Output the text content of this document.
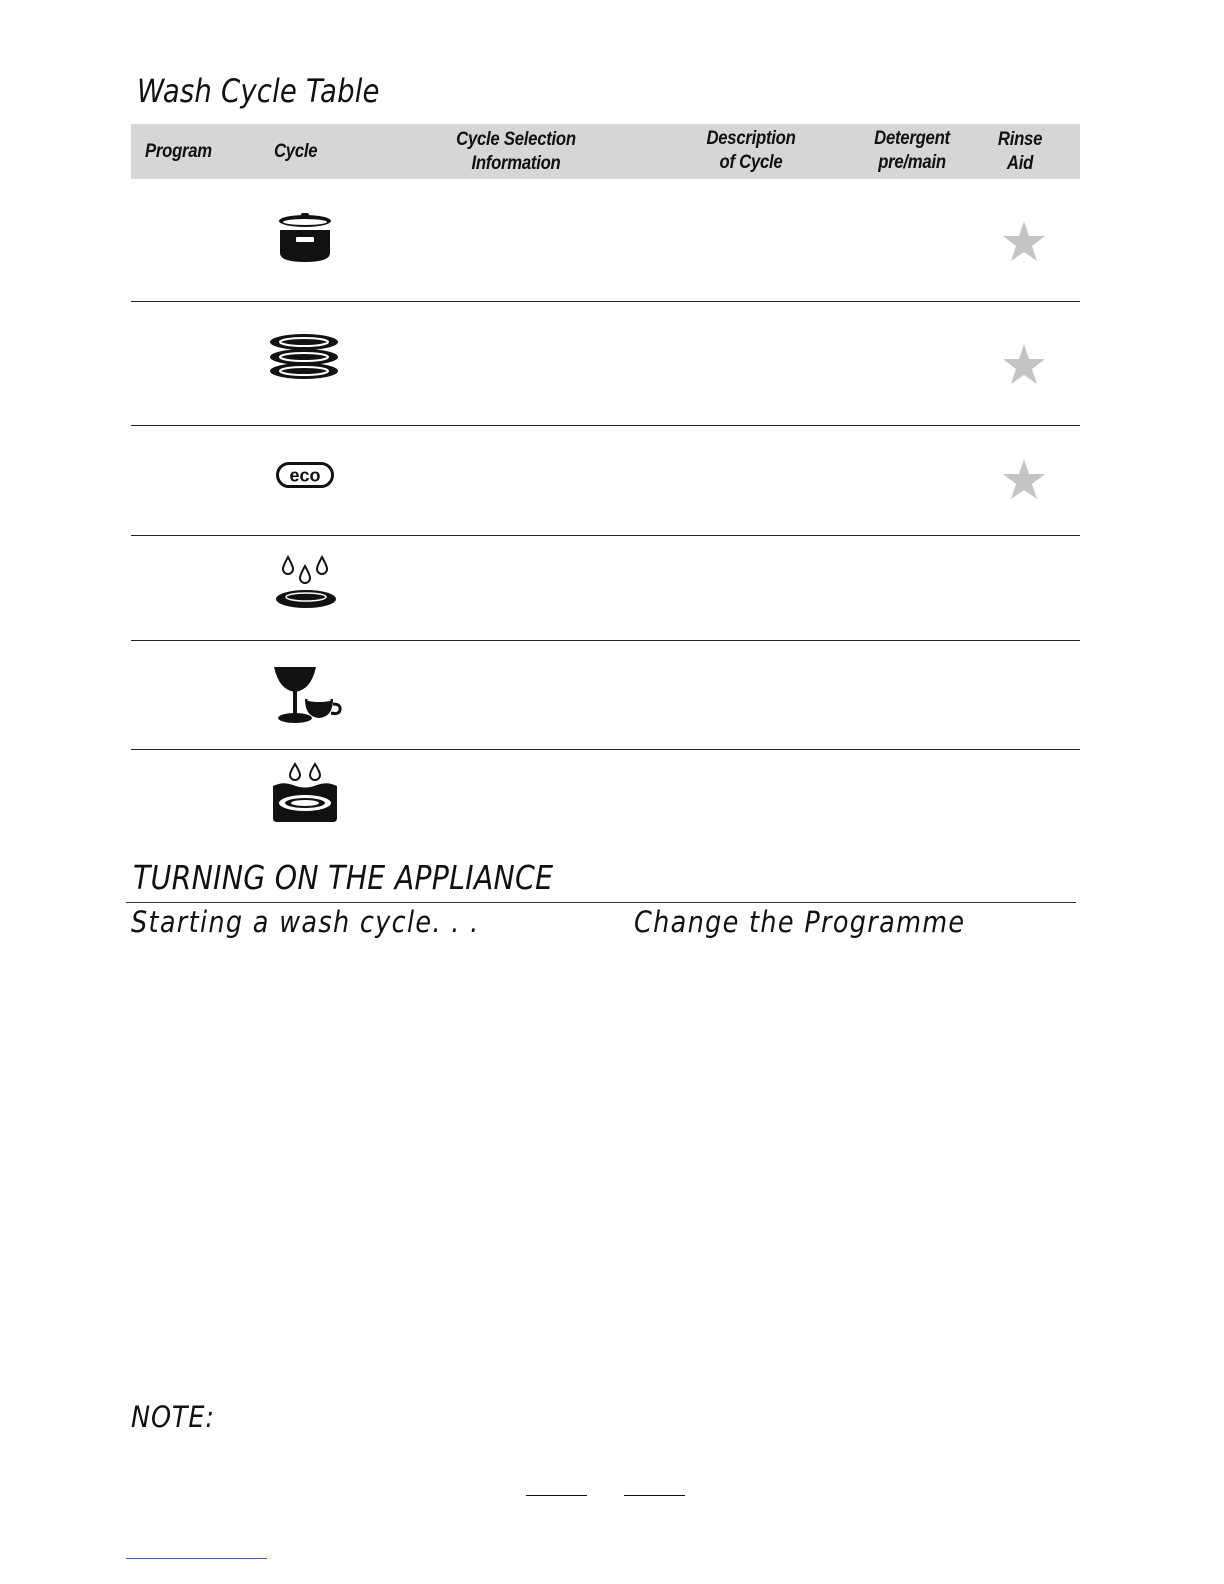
Wash Cycle Table
Program	Cycle
Cycle Selection
Information
Description
of Cycle
Detergent
pre/main
Rinse
Aid
eco
TURNING ON THE APPLIANCE
Starting a wash cycle. . .	Change the Programme
NOTE:
